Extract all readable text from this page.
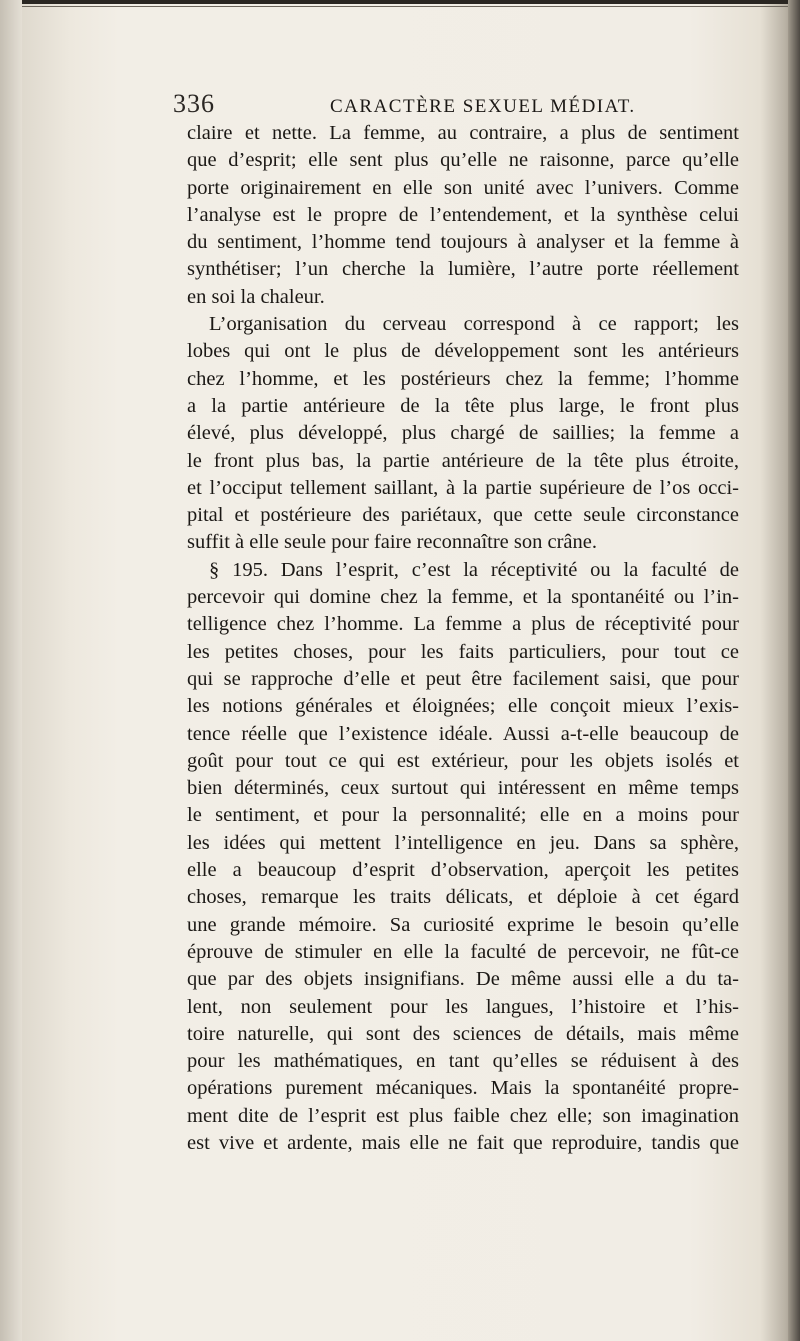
336	CARACTÈRE SEXUEL MÉDIAT.
claire et nette. La femme, au contraire, a plus de sentiment
que d’esprit; elle sent plus qu’elle ne raisonne, parce qu’elle
porte originairement en elle son unité avec l’univers. Comme
l’analyse est le propre de l’entendement, et la synthèse celui
du sentiment, l’homme tend toujours à analyser et la femme à
synthétiser; l’un cherche la lumière, l’autre porte réellement
en soi la chaleur.
L’organisation du cerveau correspond à ce rapport; les
lobes qui ont le plus de développement sont les antérieurs
chez l’homme, et les postérieurs chez la femme; l’homme
a la partie antérieure de la tête plus large, le front plus
élevé, plus développé, plus chargé de saillies; la femme a
le front plus bas, la partie antérieure de la tête plus étroite,
et l’occiput tellement saillant, à la partie supérieure de l’os occi-
pital et postérieure des pariétaux, que cette seule circonstance
suffit à elle seule pour faire reconnaître son crâne.
§ 195. Dans l’esprit, c’est la réceptivité ou la faculté de
percevoir qui domine chez la femme, et la spontanéité ou l’in-
telligence chez l’homme. La femme a plus de réceptivité pour
les petites choses, pour les faits particuliers, pour tout ce
qui se rapproche d’elle et peut être facilement saisi, que pour
les notions générales et éloignées; elle conçoit mieux l’exis-
tence réelle que l’existence idéale. Aussi a-t-elle beaucoup de
goût pour tout ce qui est extérieur, pour les objets isolés et
bien déterminés, ceux surtout qui intéressent en même temps
le sentiment, et pour la personnalité; elle en a moins pour
les idées qui mettent l’intelligence en jeu. Dans sa sphère,
elle a beaucoup d’esprit d’observation, aperçoit les petites
choses, remarque les traits délicats, et déploie à cet égard
une grande mémoire. Sa curiosité exprime le besoin qu’elle
éprouve de stimuler en elle la faculté de percevoir, ne fût-ce
que par des objets insignifians. De même aussi elle a du ta-
lent, non seulement pour les langues, l’histoire et l’his-
toire naturelle, qui sont des sciences de détails, mais même
pour les mathématiques, en tant qu’elles se réduisent à des
opérations purement mécaniques. Mais la spontanéité propre-
ment dite de l’esprit est plus faible chez elle; son imagination
est vive et ardente, mais elle ne fait que reproduire, tandis que
